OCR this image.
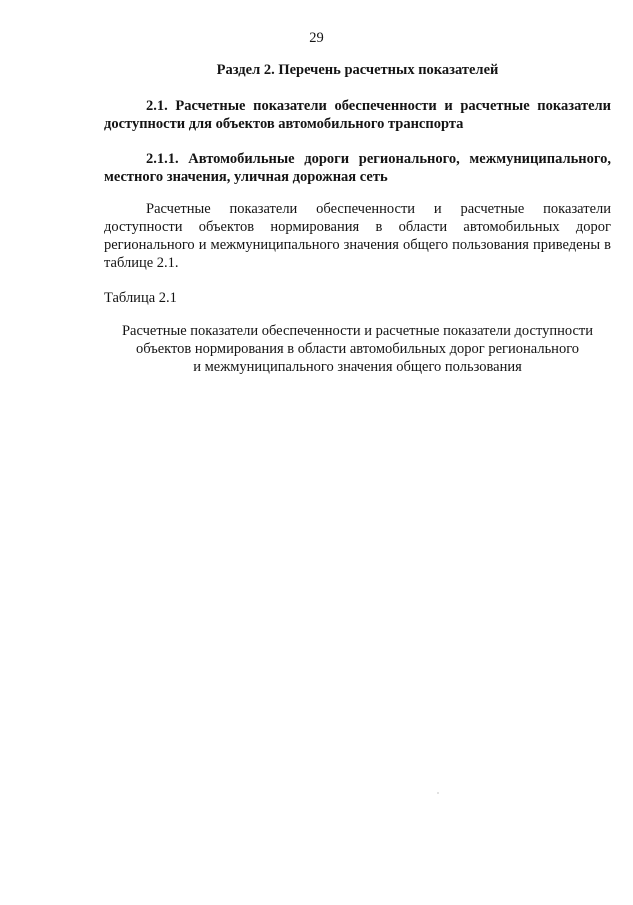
29
Раздел 2. Перечень расчетных показателей
2.1. Расчетные показатели обеспеченности и расчетные показатели доступности для объектов автомобильного транспорта
2.1.1. Автомобильные дороги регионального, межмуниципального, местного значения, уличная дорожная сеть
Расчетные показатели обеспеченности и расчетные показатели доступности объектов нормирования в области автомобильных дорог регионального и межмуниципального значения общего пользования приведены в таблице 2.1.
Таблица 2.1
Расчетные показатели обеспеченности и расчетные показатели доступности
объектов нормирования в области автомобильных дорог регионального
и межмуниципального значения общего пользования
